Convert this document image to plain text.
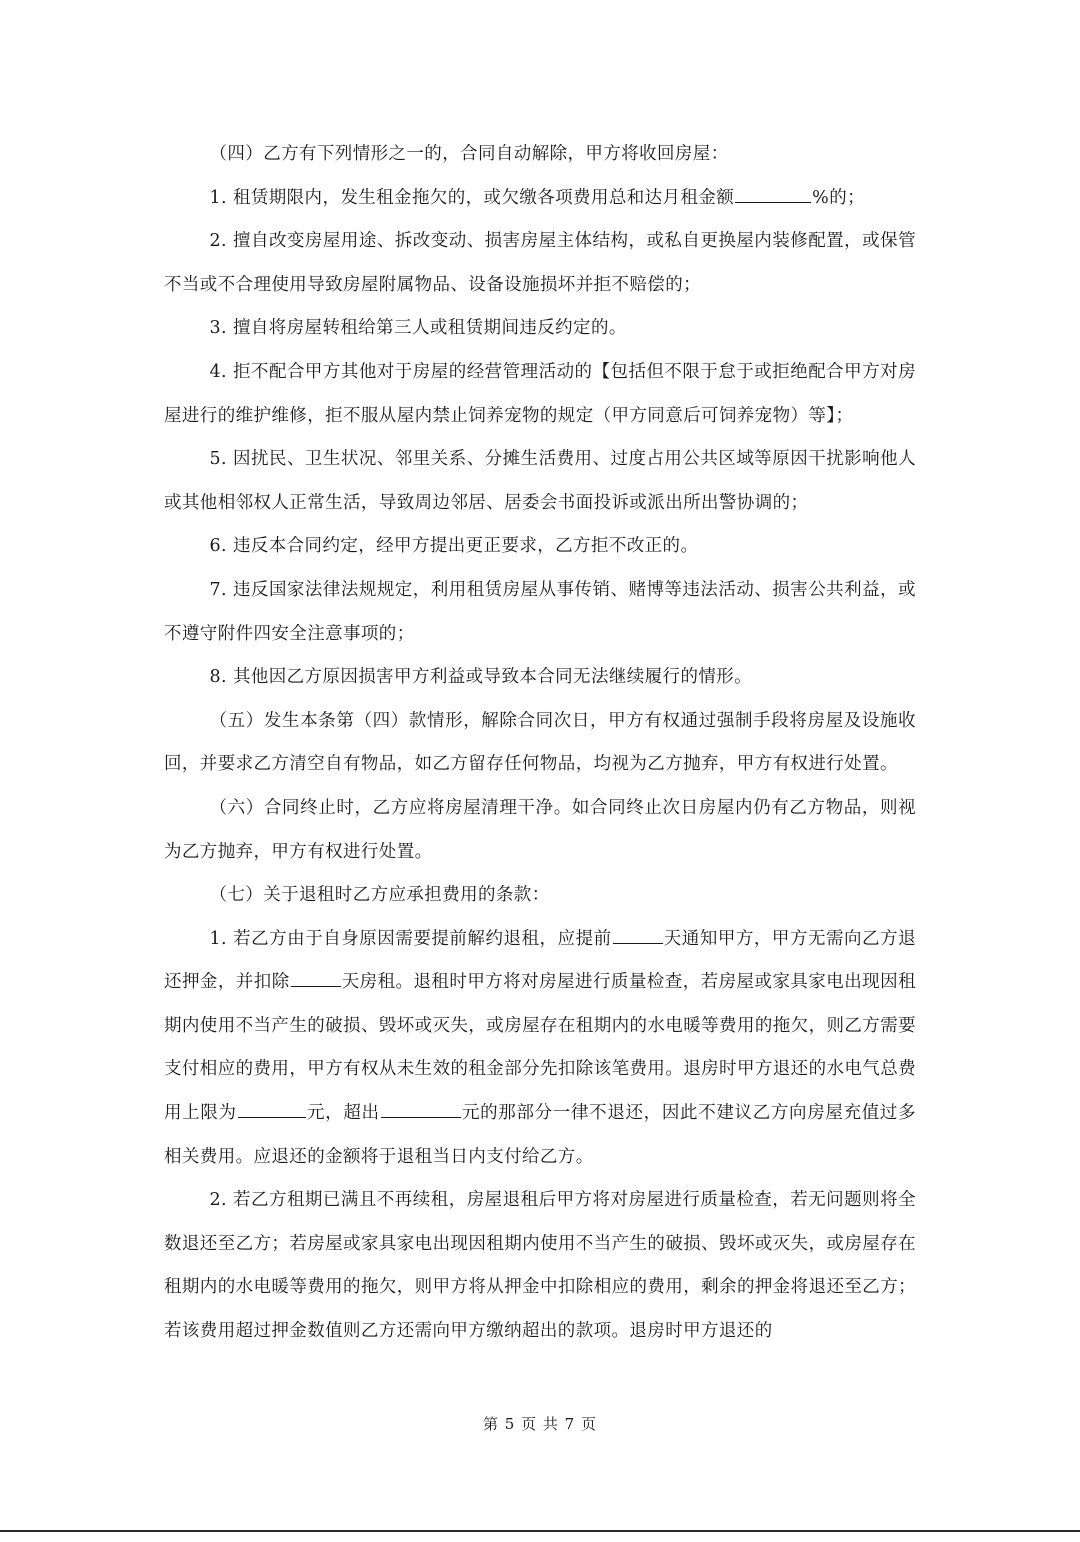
（四）乙方有下列情形之一的，合同自动解除，甲方将收回房屋：

1. 租赁期限内，发生租金拖欠的，或欠缴各项费用总和达月租金额	%的；

2. 擅自改变房屋用途、拆改变动、损害房屋主体结构，或私自更换屋内装修配置，或保管不当或不合理使用导致房屋附属物品、设备设施损坏并拒不赔偿的；

3. 擅自将房屋转租给第三人或租赁期间违反约定的。

4. 拒不配合甲方其他对于房屋的经营管理活动的【包括但不限于怠于或拒绝配合甲方对房屋进行的维护维修，拒不服从屋内禁止饲养宠物的规定（甲方同意后可饲养宠物）等】；

5. 因扰民、卫生状况、邻里关系、分摊生活费用、过度占用公共区域等原因干扰影响他人或其他相邻权人正常生活，导致周边邻居、居委会书面投诉或派出所出警协调的；

6. 违反本合同约定，经甲方提出更正要求，乙方拒不改正的。

7. 违反国家法律法规规定，利用租赁房屋从事传销、赌博等违法活动、损害公共利益，或不遵守附件四安全注意事项的；

8. 其他因乙方原因损害甲方利益或导致本合同无法继续履行的情形。

（五）发生本条第（四）款情形，解除合同次日，甲方有权通过强制手段将房屋及设施收回，并要求乙方清空自有物品，如乙方留存任何物品，均视为乙方抛弃，甲方有权进行处置。

（六）合同终止时，乙方应将房屋清理干净。如合同终止次日房屋内仍有乙方物品，则视为乙方抛弃，甲方有权进行处置。

（七）关于退租时乙方应承担费用的条款：

1. 若乙方由于自身原因需要提前解约退租，应提前	天通知甲方，甲方无需向乙方退还押金，并扣除	天房租。退租时甲方将对房屋进行质量检查，若房屋或家具家电出现因租期内使用不当产生的破损、毁坏或灭失，或房屋存在租期内的水电暖等费用的拖欠，则乙方需要支付相应的费用，甲方有权从未生效的租金部分先扣除该笔费用。退房时甲方退还的水电气总费用上限为	元，超出	元的那部分一律不退还，因此不建议乙方向房屋充值过多相关费用。应退还的金额将于退租当日内支付给乙方。

2. 若乙方租期已满且不再续租，房屋退租后甲方将对房屋进行质量检查，若无问题则将全数退还至乙方；若房屋或家具家电出现因租期内使用不当产生的破损、毁坏或灭失，或房屋存在租期内的水电暖等费用的拖欠，则甲方将从押金中扣除相应的费用，剩余的押金将退还至乙方；若该费用超过押金数值则乙方还需向甲方缴纳超出的款项。退房时甲方退还的

第 5 页 共 7 页
